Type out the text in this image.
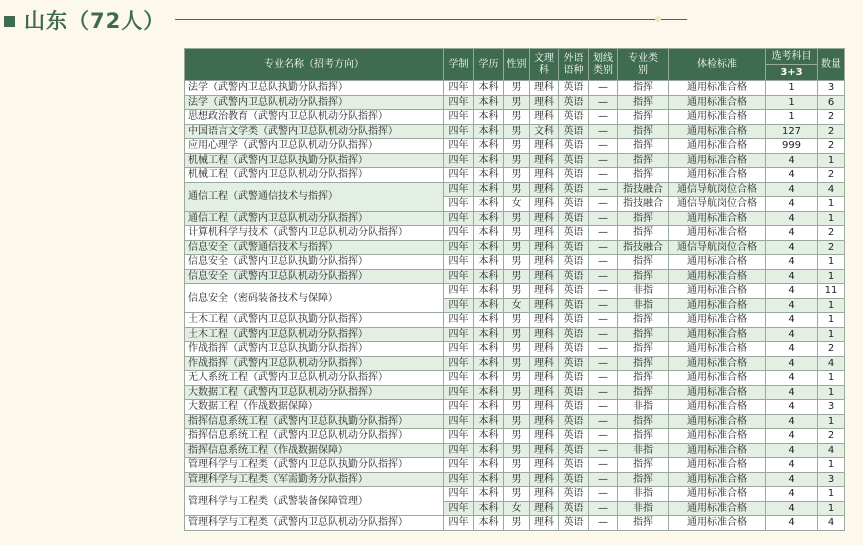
山东（72人）
专业名称（招考方向）	学制	学历	性别	文理科	外语语种	划线类别	专业类别	体检标准	选考科目	数量
									3+3	
法学（武警内卫总队执勤分队指挥）	四年	本科	男	理科	英语	—	指挥	通用标准合格	1	3
法学（武警内卫总队机动分队指挥）	四年	本科	男	理科	英语	—	指挥	通用标准合格	1	6
思想政治教育（武警内卫总队机动分队指挥）	四年	本科	男	理科	英语	—	指挥	通用标准合格	1	2
中国语言文学类（武警内卫总队机动分队指挥）	四年	本科	男	文科	英语	—	指挥	通用标准合格	127	2
应用心理学（武警内卫总队机动分队指挥）	四年	本科	男	理科	英语	—	指挥	通用标准合格	999	2
机械工程（武警内卫总队执勤分队指挥）	四年	本科	男	理科	英语	—	指挥	通用标准合格	4	1
机械工程（武警内卫总队机动分队指挥）	四年	本科	男	理科	英语	—	指挥	通用标准合格	4	2
通信工程（武警通信技术与指挥）	四年	本科	男	理科	英语	—	指技融合	通信导航岗位合格	4	4
	四年	本科	女	理科	英语	—	指技融合	通信导航岗位合格	4	1
通信工程（武警内卫总队机动分队指挥）	四年	本科	男	理科	英语	—	指挥	通用标准合格	4	1
计算机科学与技术（武警内卫总队机动分队指挥）	四年	本科	男	理科	英语	—	指挥	通用标准合格	4	2
信息安全（武警通信技术与指挥）	四年	本科	男	理科	英语	—	指技融合	通信导航岗位合格	4	2
信息安全（武警内卫总队执勤分队指挥）	四年	本科	男	理科	英语	—	指挥	通用标准合格	4	1
信息安全（武警内卫总队机动分队指挥）	四年	本科	男	理科	英语	—	指挥	通用标准合格	4	1
信息安全（密码装备技术与保障）	四年	本科	男	理科	英语	—	非指	通用标准合格	4	11
	四年	本科	女	理科	英语	—	非指	通用标准合格	4	1
土木工程（武警内卫总队执勤分队指挥）	四年	本科	男	理科	英语	—	指挥	通用标准合格	4	1
土木工程（武警内卫总队机动分队指挥）	四年	本科	男	理科	英语	—	指挥	通用标准合格	4	1
作战指挥（武警内卫总队执勤分队指挥）	四年	本科	男	理科	英语	—	指挥	通用标准合格	4	2
作战指挥（武警内卫总队机动分队指挥）	四年	本科	男	理科	英语	—	指挥	通用标准合格	4	4
无人系统工程（武警内卫总队机动分队指挥）	四年	本科	男	理科	英语	—	指挥	通用标准合格	4	1
大数据工程（武警内卫总队机动分队指挥）	四年	本科	男	理科	英语	—	指挥	通用标准合格	4	1
大数据工程（作战数据保障）	四年	本科	男	理科	英语	—	非指	通用标准合格	4	3
指挥信息系统工程（武警内卫总队执勤分队指挥）	四年	本科	男	理科	英语	—	指挥	通用标准合格	4	1
指挥信息系统工程（武警内卫总队机动分队指挥）	四年	本科	男	理科	英语	—	指挥	通用标准合格	4	2
指挥信息系统工程（作战数据保障）	四年	本科	男	理科	英语	—	非指	通用标准合格	4	4
管理科学与工程类（武警内卫总队执勤分队指挥）	四年	本科	男	理科	英语	—	指挥	通用标准合格	4	1
管理科学与工程类（军需勤务分队指挥）	四年	本科	男	理科	英语	—	指挥	通用标准合格	4	3
管理科学与工程类（武警装备保障管理）	四年	本科	男	理科	英语	—	非指	通用标准合格	4	1
	四年	本科	女	理科	英语	—	非指	通用标准合格	4	1
管理科学与工程类（武警内卫总队机动分队指挥）	四年	本科	男	理科	英语	—	指挥	通用标准合格	4	4
